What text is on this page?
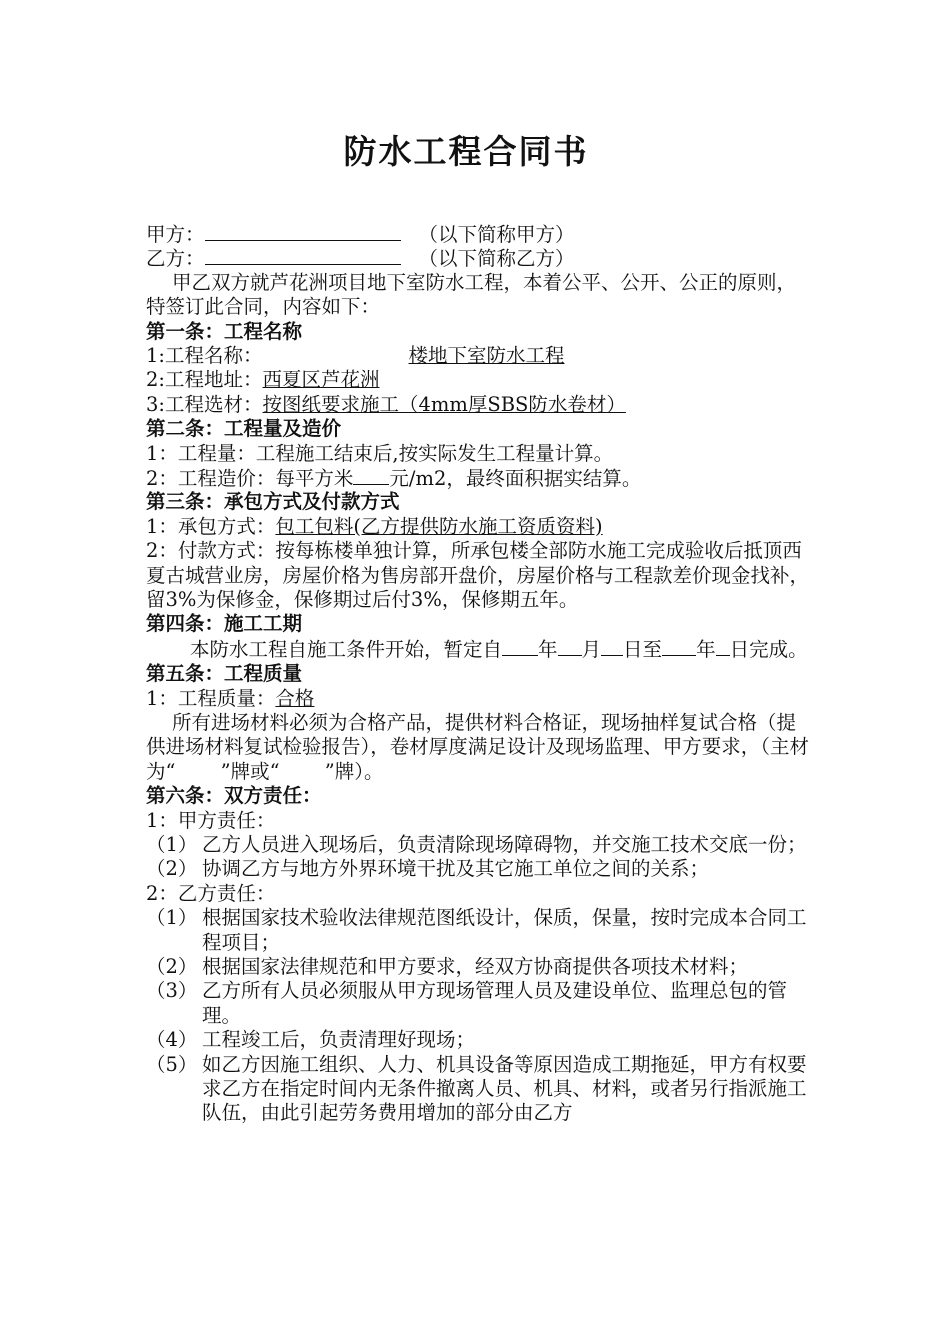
防水工程合同书
甲方：	（以下简称甲方）
乙方：	（以下简称乙方）
甲乙双方就芦花洲项目地下室防水工程，本着公平、公开、公正的原则，特签订此合同，内容如下：
第一条：工程名称
1:工程名称：	楼地下室防水工程
2:工程地址：西夏区芦花洲
3:工程选材：按图纸要求施工（4mm厚SBS防水卷材）
第二条：工程量及造价
1：工程量：工程施工结束后,按实际发生工程量计算。
2：工程造价：每平方米 元/m2，最终面积据实结算。
第三条：承包方式及付款方式
1：承包方式：包工包料(乙方提供防水施工资质资料)
2：付款方式：按每栋楼单独计算，所承包楼全部防水施工完成验收后抵顶西夏古城营业房，房屋价格为售房部开盘价，房屋价格与工程款差价现金找补，留3%为保修金，保修期过后付3%，保修期五年。
第四条：施工工期
本防水工程自施工条件开始，暂定自 年 月 日至 年 日完成。
第五条：工程质量
1：工程质量：合格
所有进场材料必须为合格产品，提供材料合格证，现场抽样复试合格（提供进场材料复试检验报告），卷材厚度满足设计及现场监理、甲方要求，（主材为“　　 ”牌或“　　 ”牌）。
第六条：双方责任：
1：甲方责任：
（1） 乙方人员进入现场后，负责清除现场障碍物，并交施工技术交底一份；
（2） 协调乙方与地方外界环境干扰及其它施工单位之间的关系；
2：乙方责任：
（1） 根据国家技术验收法律规范图纸设计，保质，保量，按时完成本合同工程项目；
（2） 根据国家法律规范和甲方要求，经双方协商提供各项技术材料；
（3） 乙方所有人员必须服从甲方现场管理人员及建设单位、监理总包的管理。
（4） 工程竣工后，负责清理好现场；
（5） 如乙方因施工组织、人力、机具设备等原因造成工期拖延，甲方有权要求乙方在指定时间内无条件撤离人员、机具、材料，或者另行指派施工队伍，由此引起劳务费用增加的部分由乙方
